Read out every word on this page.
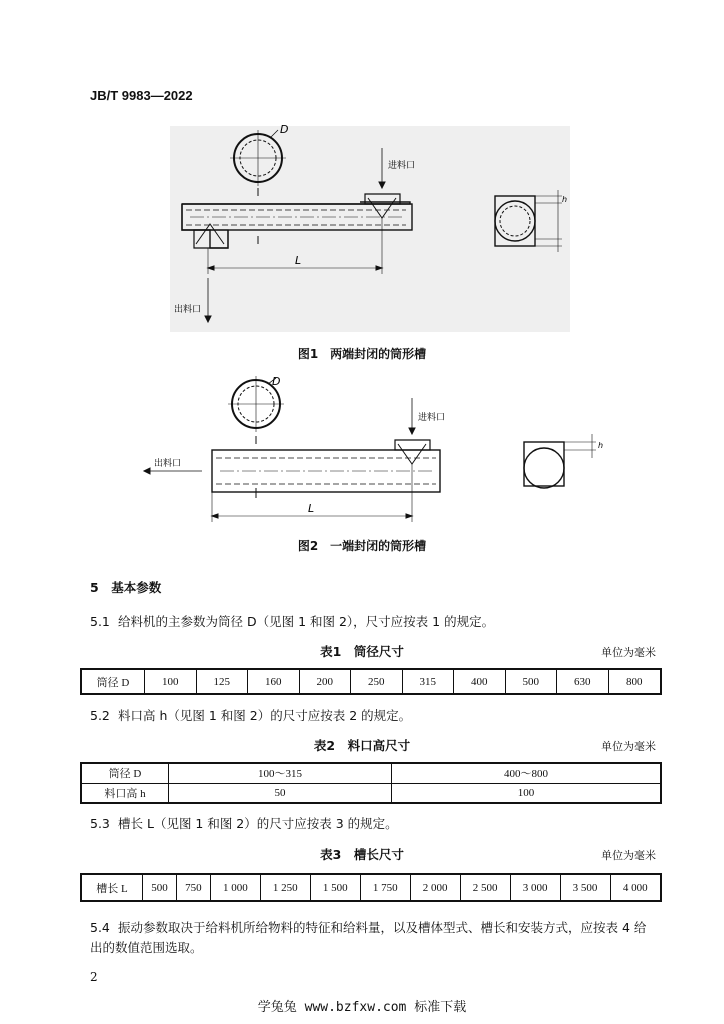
JB/T 9983—2022
D
L
进料口
出料口
h
图1　两端封闭的筒形槽
D
L
进料口
出料口
h
图2　一端封闭的筒形槽
5　基本参数
5.1 给料机的主参数为筒径 D（见图 1 和图 2），尺寸应按表 1 的规定。
表1　筒径尺寸	单位为毫米
筒径 D	100	125	160	200	250	315	400	500	630	800
5.2 料口高 h（见图 1 和图 2）的尺寸应按表 2 的规定。
表2　料口高尺寸	单位为毫米
筒径 D	100～315	400～800
料口高 h	50	100
5.3 槽长 L（见图 1 和图 2）的尺寸应按表 3 的规定。
表3　槽长尺寸	单位为毫米
槽长 L	500	750	1 000	1 250	1 500	1 750	2 000	2 500	3 000	3 500	4 000
5.4 振动参数取决于给料机所给物料的特征和给料量，以及槽体型式、槽长和安装方式，应按表 4 给
出的数值范围选取。
2
学兔兔 www.bzfxw.com 标准下载
